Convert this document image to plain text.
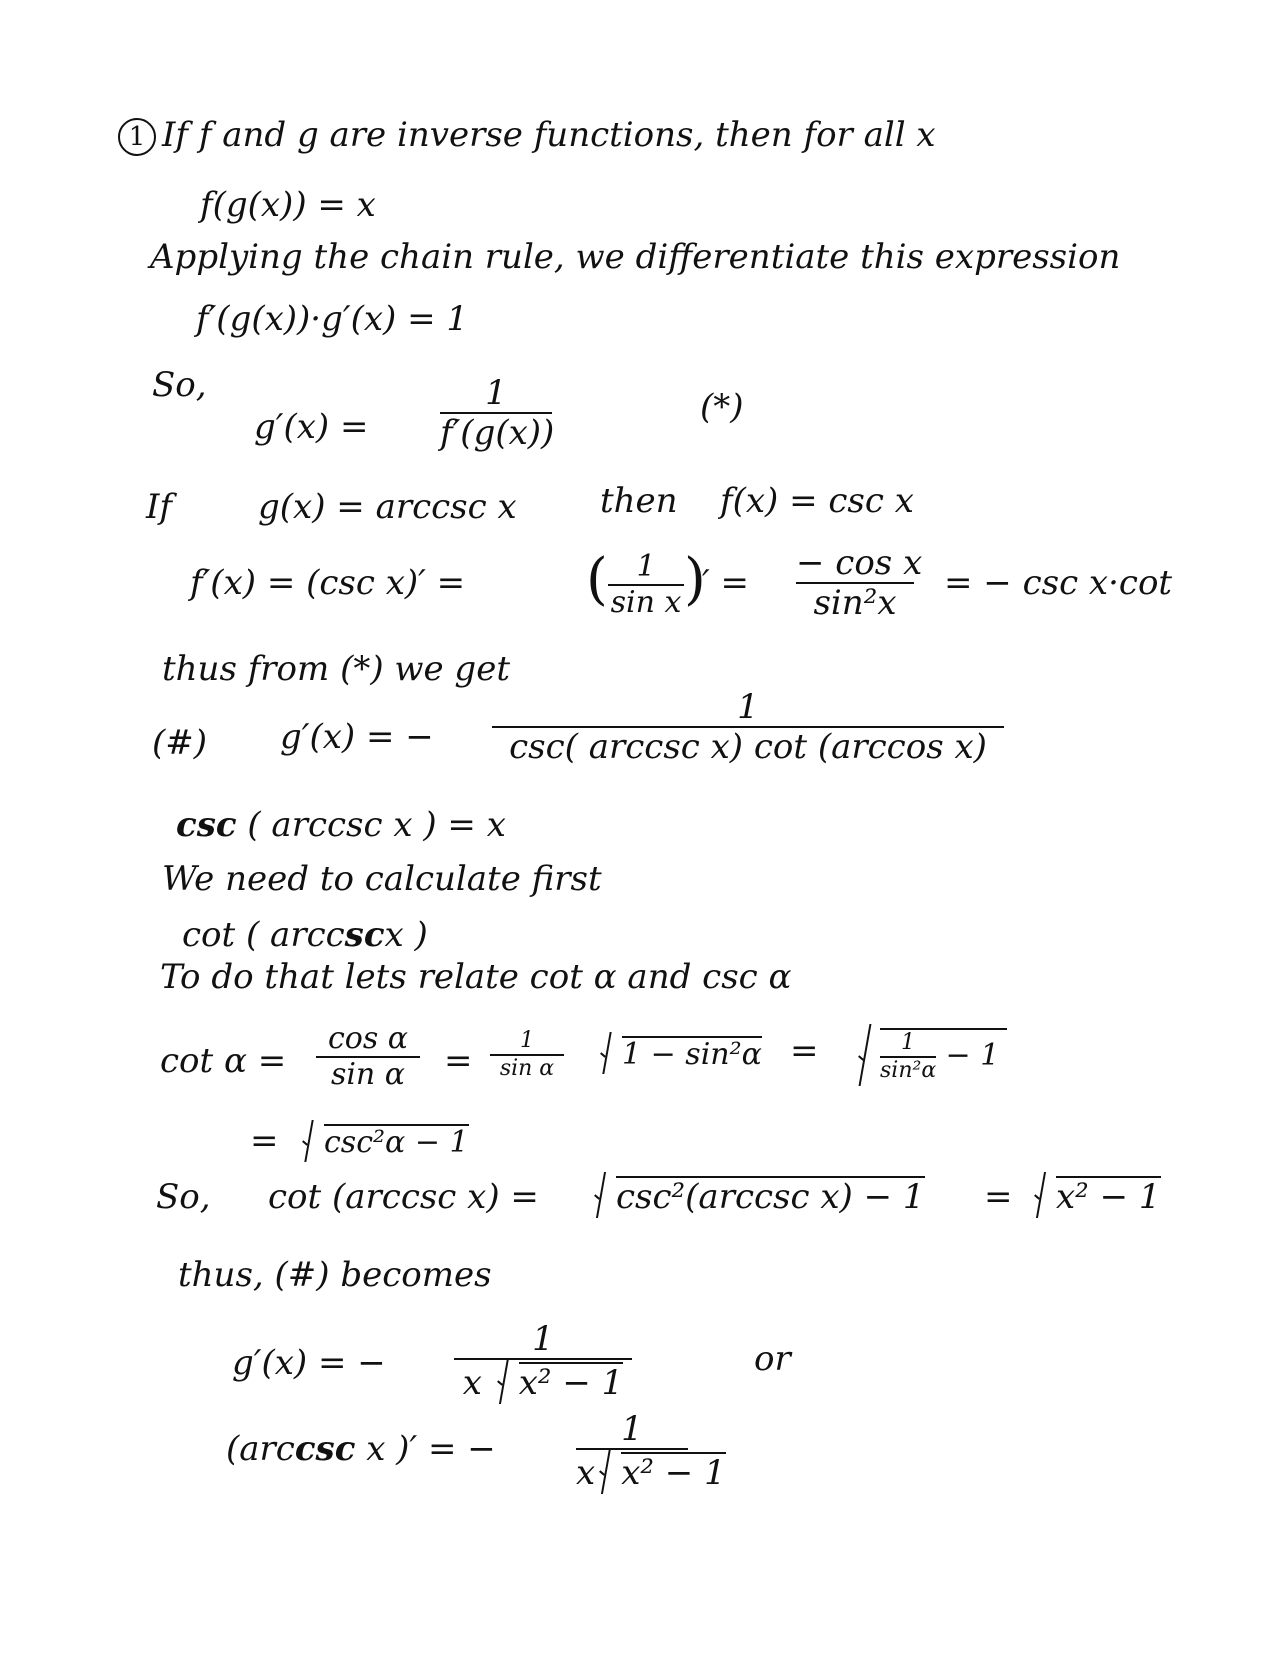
1 If f and g are inverse functions, then for all x
f(g(x)) = x
Applying the chain rule, we differentiate this expression
f′(g(x))·g′(x) = 1
So,
g′(x) =
1
f′(g(x))
(*)
If	g(x) = arccsc x then f(x) = csc x
f′(x) = (csc x)′ = ( 1
sin x )
′ = − cos x
sin²x	= − csc x·cot
thus from (*) we get
(#) g′(x) = −
1
csc( arccsc x) cot (arccos x)
csc ( arccsc x ) = x
We need to calculate first
cot ( arccscx )
To do that lets relate cot α and csc α
cot α =
cos α
sin α	=
1
sin α	1 − sin²α =	$\frac{1}{\text{sin²α}} - 1$
=	csc²α − 1
So, cot (arccsc x) =	csc²(arccsc x) − 1 =	x² − 1
thus, (#) becomes
g′(x) = −
1
x x² − 1
or
(arccsc x )′ = −	1
x x² − 1
